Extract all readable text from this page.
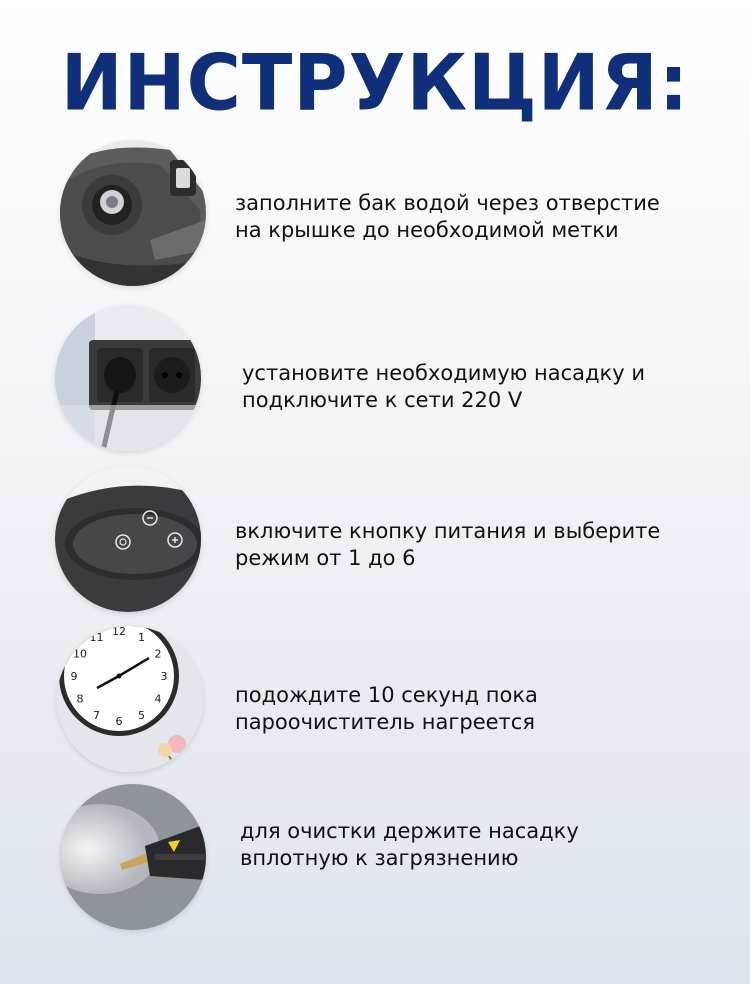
ИНСТРУКЦИЯ:
заполните бак водой через отверстие
на крышке до необходимой метки
установите необходимую насадку и
подключите к сети 220 V
включите кнопку питания и выберите
режим от 1 до 6
12 1
2
3
4
5
6
7
8
9
10
11
подождите 10 секунд пока
пароочиститель нагреется
для очистки держите насадку
вплотную к загрязнению
